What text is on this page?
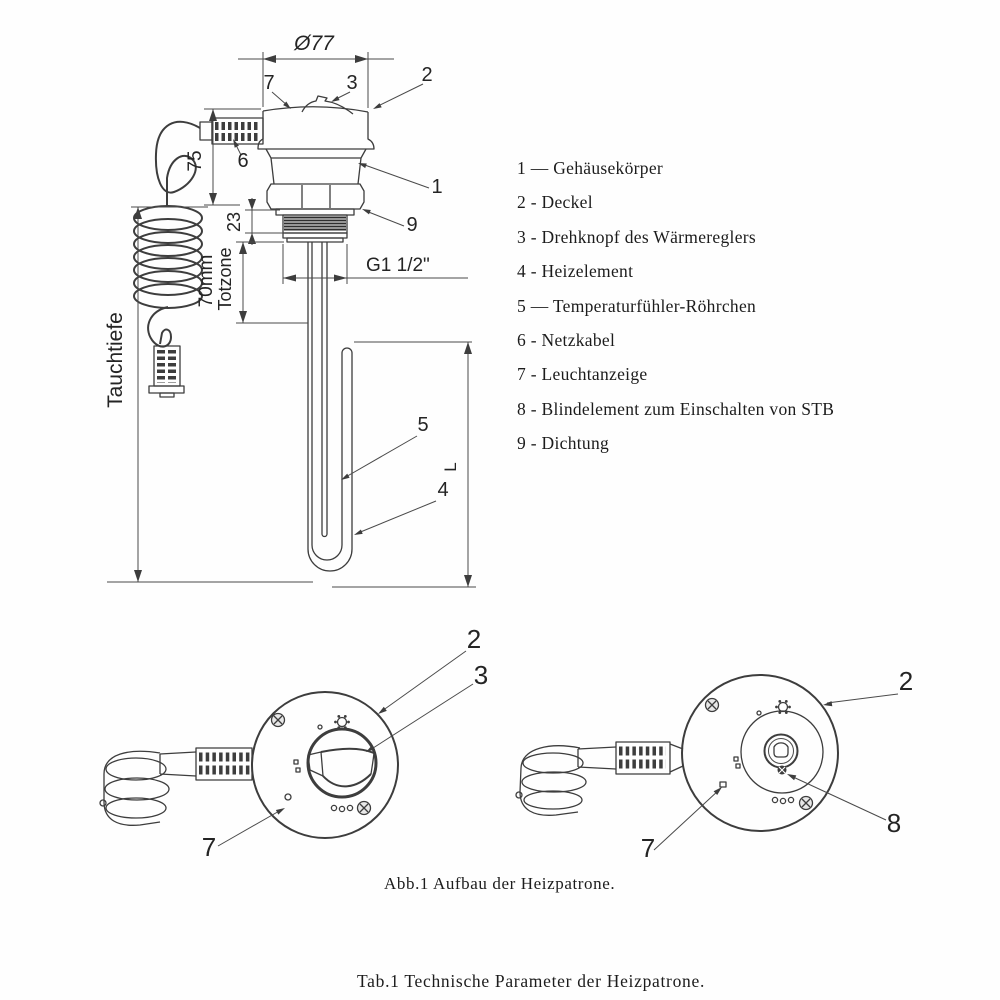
Ø77
75
Tauchtiefe
23
70mm
Totzone	G1 1/2"
L
7	3	2
6
1
9
5
4
2
3
7
2
8
7
1 — Gehäusekörper
2 - Deckel
3 - Drehknopf des Wärmereglers
4 - Heizelement
5 — Temperaturfühler-Röhrchen
6 - Netzkabel
7 - Leuchtanzeige
8 - Blindelement zum Einschalten von STB
9 - Dichtung
Abb.1 Aufbau der Heizpatrone.
Tab.1 Technische Parameter der Heizpatrone.
